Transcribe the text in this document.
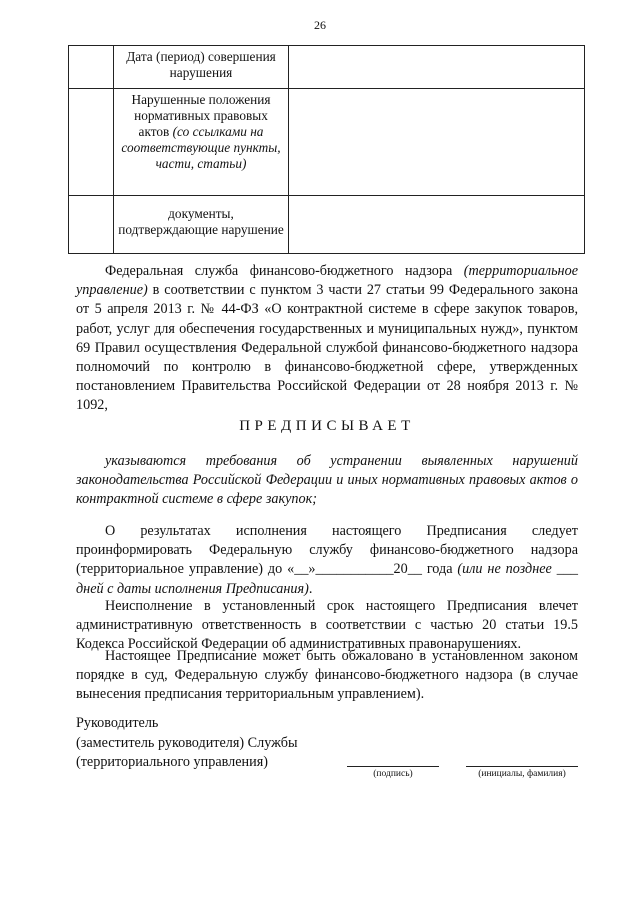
26
	Дата (период) совершения нарушения	
	Нарушенные положения нормативных правовых актов (со ссылками на соответствующие пункты, части, статьи)	
	документы, подтверждающие нарушение	
Федеральная служба финансово-бюджетного надзора (территориальное управление) в соответствии с пунктом 3 части 27 статьи 99 Федерального закона от 5 апреля 2013 г. № 44-ФЗ «О контрактной системе в сфере закупок товаров, работ, услуг для обеспечения государственных и муниципальных нужд», пунктом 69 Правил осуществления Федеральной службой финансово-бюджетного надзора полномочий по контролю в финансово-бюджетной сфере, утвержденных постановлением Правительства Российской Федерации от 28 ноября 2013 г. № 1092,
ПРЕДПИСЫВАЕТ
указываются требования об устранении выявленных нарушений законодательства Российской Федерации и иных нормативных правовых актов о контрактной системе в сфере закупок;
О результатах исполнения настоящего Предписания следует проинформировать Федеральную службу финансово-бюджетного надзора (территориальное управление) до «__»___________20__ года (или не позднее ___ дней с даты исполнения Предписания).
Неисполнение в установленный срок настоящего Предписания влечет административную ответственность в соответствии с частью 20 статьи 19.5 Кодекса Российской Федерации об административных правонарушениях.
Настоящее Предписание может быть обжаловано в установленном законом порядке в суд, Федеральную службу финансово-бюджетного надзора (в случае вынесения предписания территориальным управлением).
Руководитель
(заместитель руководителя) Службы
(территориального управления)
(подпись)	(инициалы, фамилия)
